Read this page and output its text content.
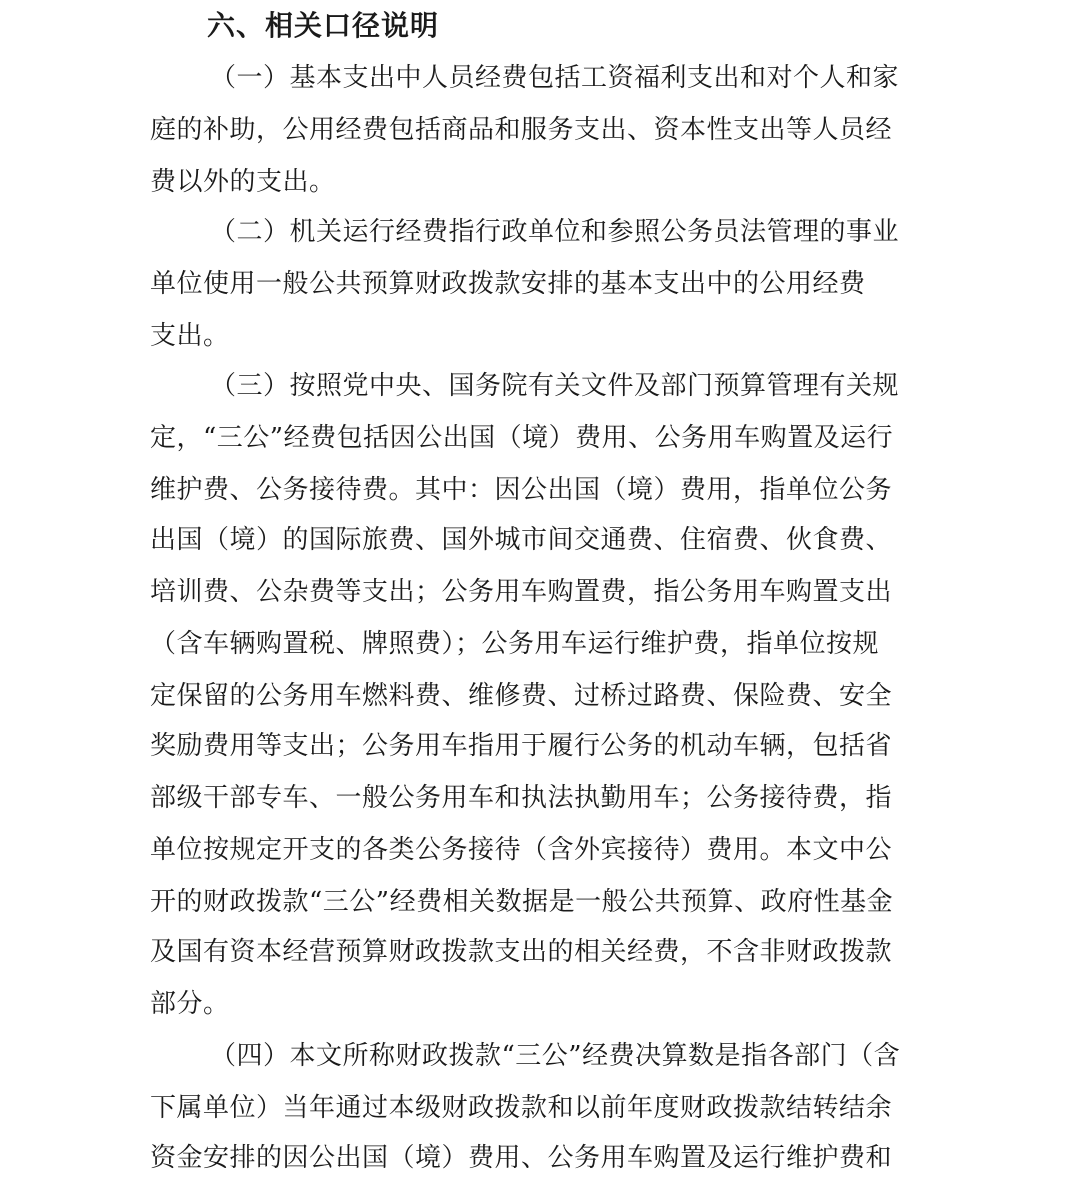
六、相关口径说明
（一）基本支出中人员经费包括工资福利支出和对个人和家
庭的补助，公用经费包括商品和服务支出、资本性支出等人员经
费以外的支出。
（二）机关运行经费指行政单位和参照公务员法管理的事业
单位使用一般公共预算财政拨款安排的基本支出中的公用经费
支出。
（三）按照党中央、国务院有关文件及部门预算管理有关规
定，“三公”经费包括因公出国（境）费用、公务用车购置及运行
维护费、公务接待费。其中：因公出国（境）费用，指单位公务
出国（境）的国际旅费、国外城市间交通费、住宿费、伙食费、
培训费、公杂费等支出；公务用车购置费，指公务用车购置支出
（含车辆购置税、牌照费）；公务用车运行维护费，指单位按规
定保留的公务用车燃料费、维修费、过桥过路费、保险费、安全
奖励费用等支出；公务用车指用于履行公务的机动车辆，包括省
部级干部专车、一般公务用车和执法执勤用车；公务接待费，指
单位按规定开支的各类公务接待（含外宾接待）费用。本文中公
开的财政拨款“三公”经费相关数据是一般公共预算、政府性基金
及国有资本经营预算财政拨款支出的相关经费，不含非财政拨款
部分。
（四）本文所称财政拨款“三公”经费决算数是指各部门（含
下属单位）当年通过本级财政拨款和以前年度财政拨款结转结余
资金安排的因公出国（境）费用、公务用车购置及运行维护费和
